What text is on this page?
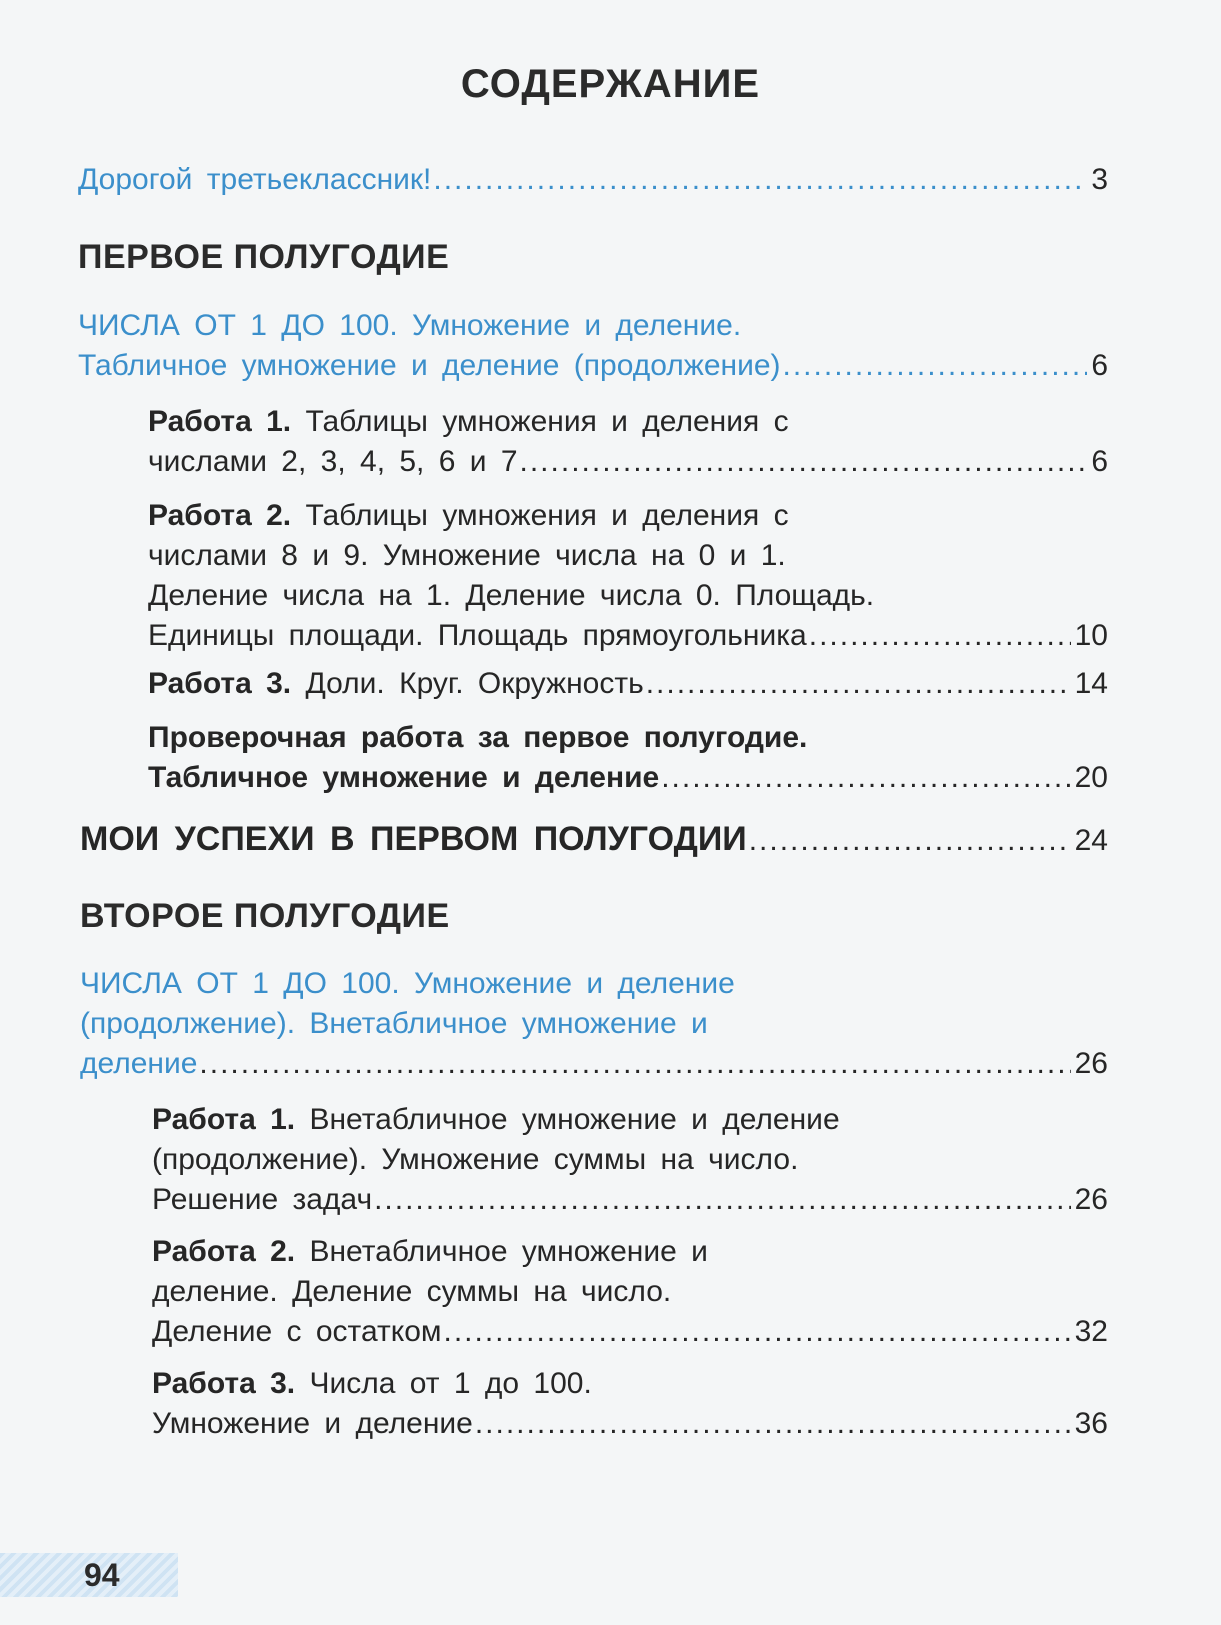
СОДЕРЖАНИЕ
Дорогой третьеклассник! .....	3
ПЕРВОЕ ПОЛУГОДИЕ
ЧИСЛА ОТ 1 ДО 100. Умножение и деление.
Табличное умножение и деление (продолжение) .....	6
Работа 1.
Таблицы умножения и деления с
числами 2, 3, 4, 5, 6 и 7 .....	6
Работа 2.
Таблицы умножения и деления с
числами 8 и 9. Умножение числа на 0 и 1.
Деление числа на 1. Деление числа 0. Площадь.
Единицы площади. Площадь прямоугольника .....	10
Работа 3.
Доли. Круг. Окружность .....	14
Проверочная работа за первое полугодие.
Табличное умножение и деление .....	20
МОИ УСПЕХИ В ПЕРВОМ ПОЛУГОДИИ .....	24
ВТОРОЕ ПОЛУГОДИЕ
ЧИСЛА ОТ 1 ДО 100. Умножение и деление
(продолжение). Внетабличное умножение и
деление .....	26
Работа 1.
Внетабличное умножение и деление
(продолжение). Умножение суммы на число.
Решение задач .....	26
Работа 2.
Внетабличное умножение и
деление. Деление суммы на число.
Деление с остатком .....	32
Работа 3.
Числа от 1 до 100.
Умножение и деление .....	36
94
